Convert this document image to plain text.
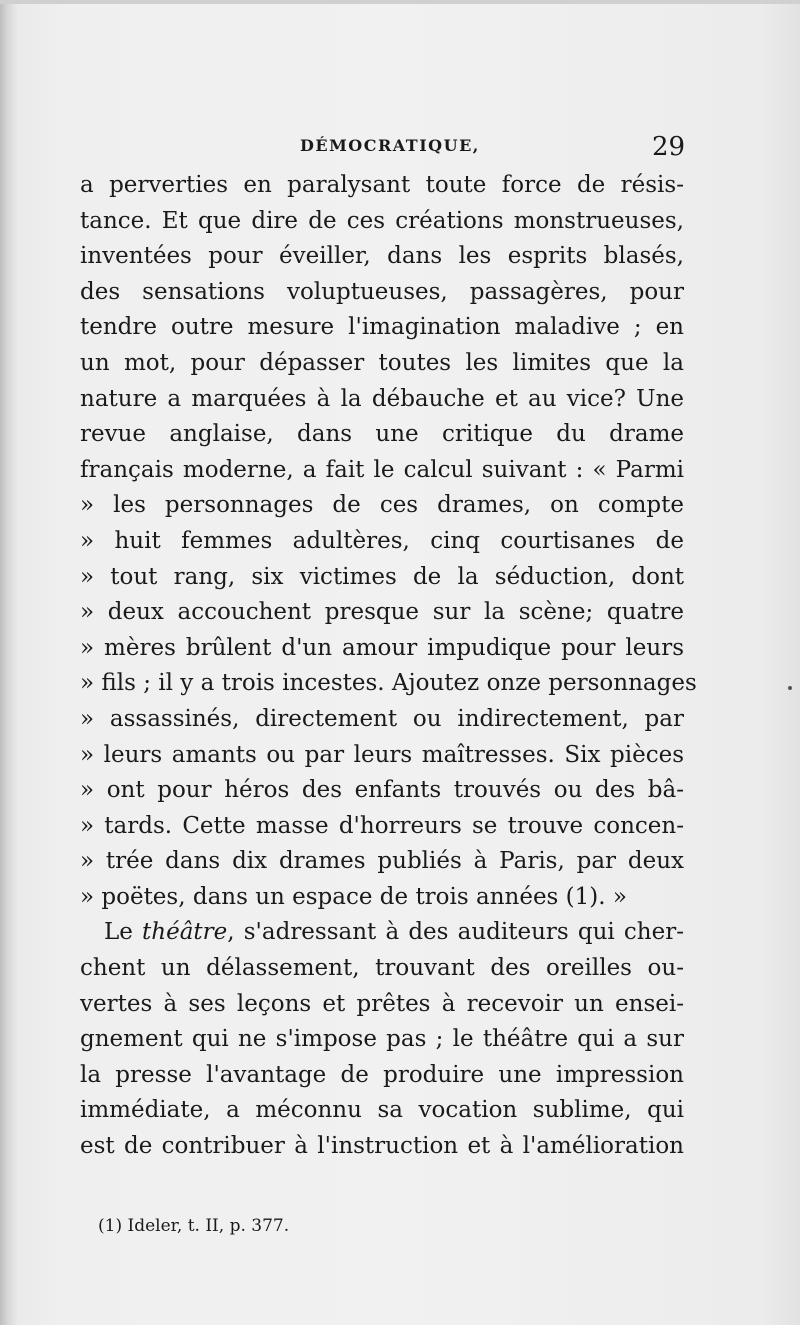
DÉMOCRATIQUE,	29
a perverties en paralysant toute force de résis-
tance. Et que dire de ces créations monstrueuses,
inventées pour éveiller, dans les esprits blasés,
des sensations voluptueuses, passagères, pour
tendre outre mesure l'imagination maladive ; en
un mot, pour dépasser toutes les limites que la
nature a marquées à la débauche et au vice? Une
revue anglaise, dans une critique du drame
français moderne, a fait le calcul suivant : « Parmi
» les personnages de ces drames, on compte
» huit femmes adultères, cinq courtisanes de
» tout rang, six victimes de la séduction, dont
» deux accouchent presque sur la scène; quatre
» mères brûlent d'un amour impudique pour leurs
» fils ; il y a trois incestes. Ajoutez onze personnages
» assassinés, directement ou indirectement, par
» leurs amants ou par leurs maîtresses. Six pièces
» ont pour héros des enfants trouvés ou des bâ-
» tards. Cette masse d'horreurs se trouve concen-
» trée dans dix drames publiés à Paris, par deux
» poëtes, dans un espace de trois années (1). »
Le théâtre, s'adressant à des auditeurs qui cher-
chent un délassement, trouvant des oreilles ou-
vertes à ses leçons et prêtes à recevoir un ensei-
gnement qui ne s'impose pas ; le théâtre qui a sur
la presse l'avantage de produire une impression
immédiate, a méconnu sa vocation sublime, qui
est de contribuer à l'instruction et à l'amélioration
(1) Ideler, t. II, p. 377.
